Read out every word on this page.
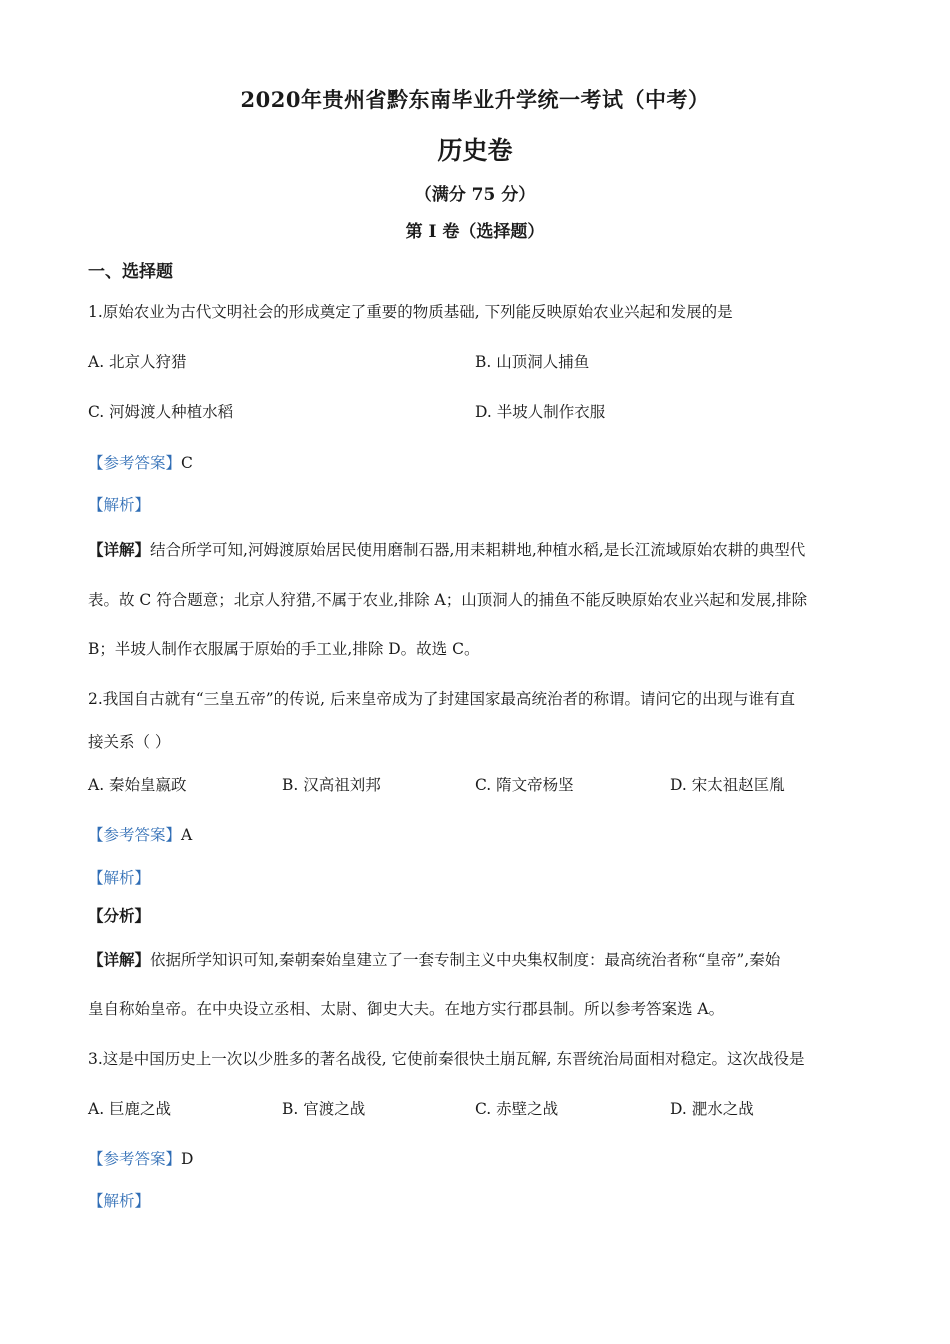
2020年贵州省黔东南毕业升学统一考试（中考）
历史卷
（满分 75 分）
第 I 卷（选择题）
一、选择题
1.原始农业为古代文明社会的形成奠定了重要的物质基础, 下列能反映原始农业兴起和发展的是
A. 北京人狩猎	B. 山顶洞人捕鱼
C. 河姆渡人种植水稻	D. 半坡人制作衣服
【参考答案】C
【解析】
【详解】结合所学可知,河姆渡原始居民使用磨制石器,用耒耜耕地,种植水稻,是长江流域原始农耕的典型代
表。故 C 符合题意；北京人狩猎,不属于农业,排除 A；山顶洞人的捕鱼不能反映原始农业兴起和发展,排除
B；半坡人制作衣服属于原始的手工业,排除 D。故选 C。
2.我国自古就有“三皇五帝”的传说, 后来皇帝成为了封建国家最高统治者的称谓。请问它的出现与谁有直
接关系（ ）
A. 秦始皇嬴政	B. 汉高祖刘邦	C. 隋文帝杨坚	D. 宋太祖赵匡胤
【参考答案】A
【解析】
【分析】
【详解】依据所学知识可知,秦朝秦始皇建立了一套专制主义中央集权制度：最高统治者称“皇帝”,秦始
皇自称始皇帝。在中央设立丞相、太尉、御史大夫。在地方实行郡县制。所以参考答案选 A。
3.这是中国历史上一次以少胜多的著名战役, 它使前秦很快土崩瓦解, 东晋统治局面相对稳定。这次战役是
A. 巨鹿之战	B. 官渡之战	C. 赤壁之战	D. 淝水之战
【参考答案】D
【解析】
